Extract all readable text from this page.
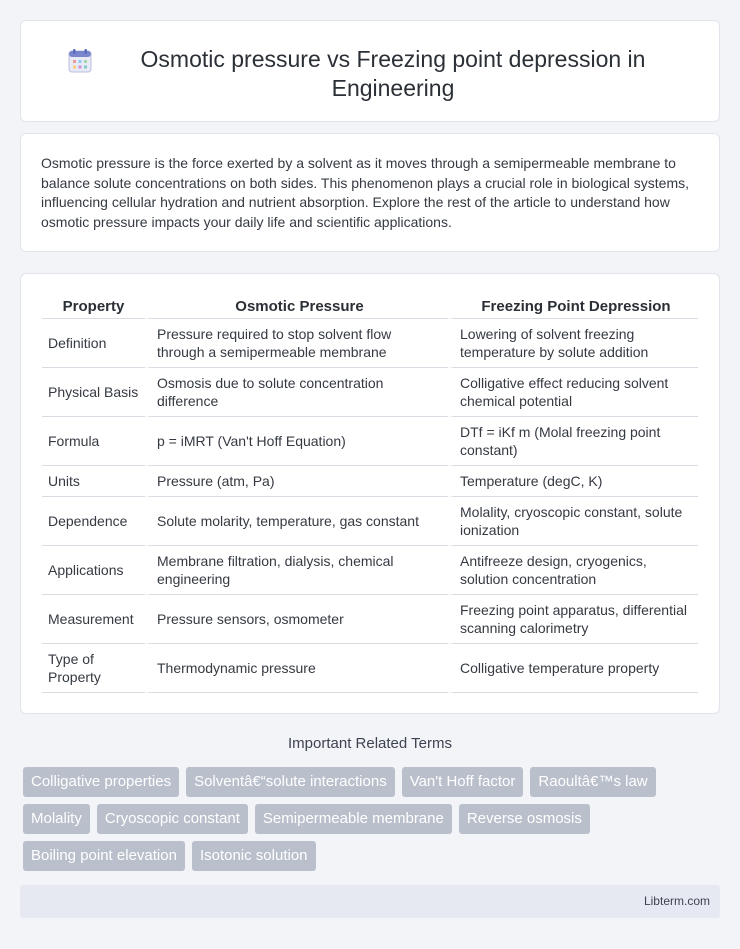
Osmotic pressure vs Freezing point depression in Engineering

Osmotic pressure is the force exerted by a solvent as it moves through a semipermeable membrane to balance solute concentrations on both sides. This phenomenon plays a crucial role in biological systems, influencing cellular hydration and nutrient absorption. Explore the rest of the article to understand how osmotic pressure impacts your daily life and scientific applications.

Property	Osmotic Pressure	Freezing Point Depression
Definition	Pressure required to stop solvent flow through a semipermeable membrane	Lowering of solvent freezing temperature by solute addition
Physical Basis	Osmosis due to solute concentration difference	Colligative effect reducing solvent chemical potential
Formula	p = iMRT (Van't Hoff Equation)	DTf = iKf m (Molal freezing point constant)
Units	Pressure (atm, Pa)	Temperature (degC, K)
Dependence	Solute molarity, temperature, gas constant	Molality, cryoscopic constant, solute ionization
Applications	Membrane filtration, dialysis, chemical engineering	Antifreeze design, cryogenics, solution concentration
Measurement	Pressure sensors, osmometer	Freezing point apparatus, differential scanning calorimetry
Type of Property	Thermodynamic pressure	Colligative temperature property
Important Related Terms
Colligative properties	Solventâ€“solute interactions	Van't Hoff factor	Raoultâ€™s law
Molality	Cryoscopic constant	Semipermeable membrane	Reverse osmosis
Boiling point elevation	Isotonic solution
Libterm.com
